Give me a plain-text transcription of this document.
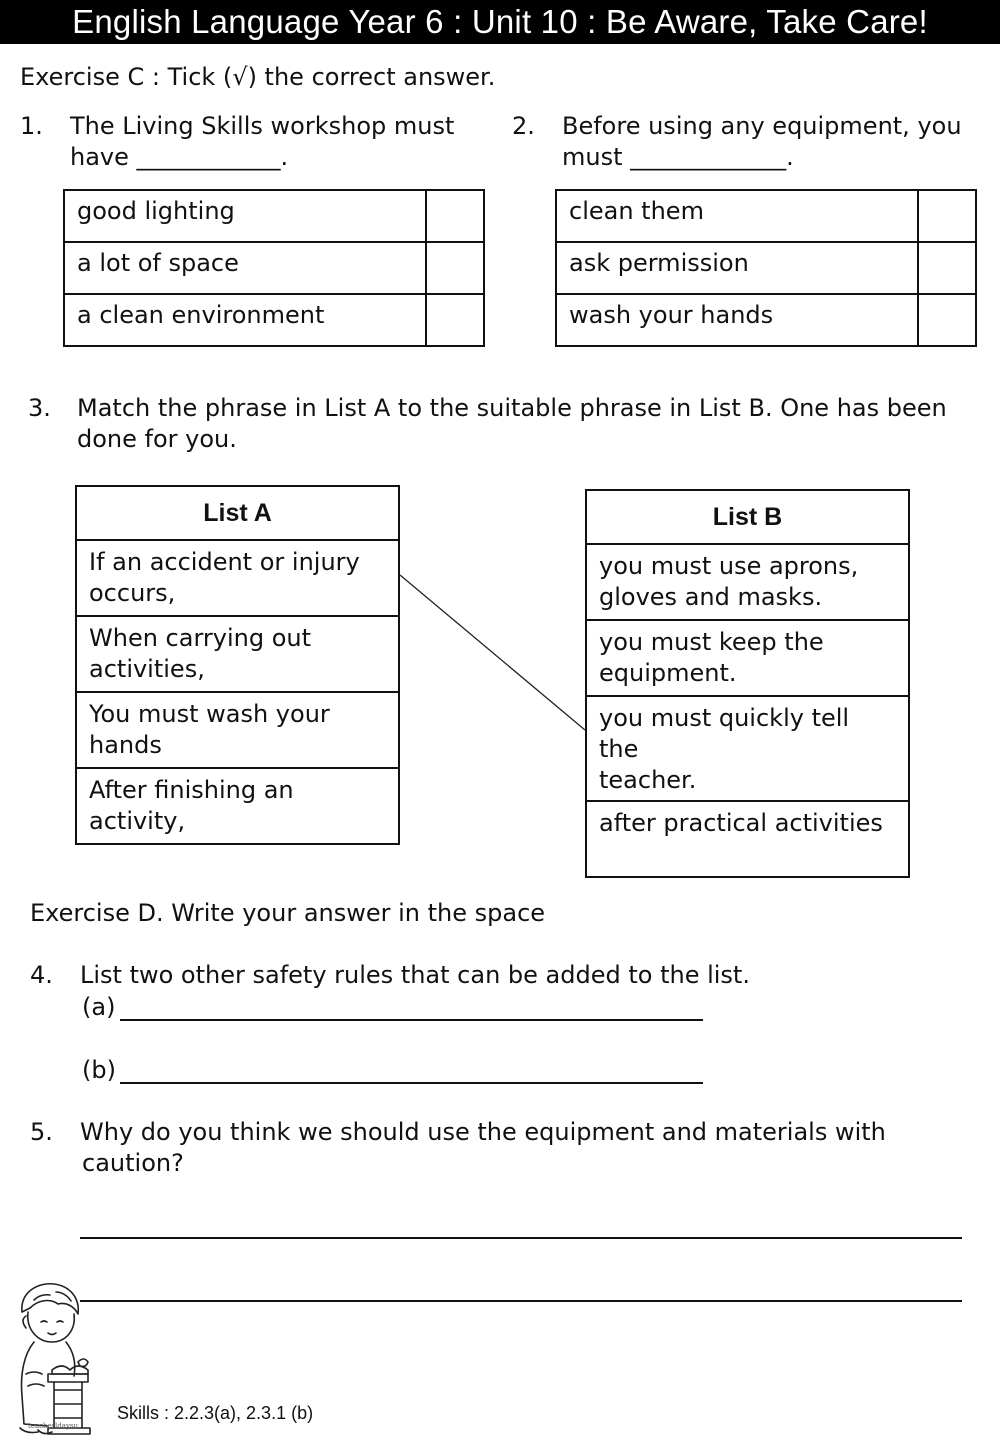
English Language Year 6 : Unit 10 : Be Aware, Take Care!
Exercise C : Tick (√) the correct answer.
1. The Living Skills workshop must
have ____________.
good lighting	
a lot of space	
a clean environment	
2. Before using any equipment, you
must _____________.
clean them	
ask permission	
wash your hands	
3. Match the phrase in List A to the suitable phrase in List B. One has been
done for you.
List A

If an accident or injury
occurs,

When carrying out
activities,

You must wash your
hands

After finishing an
activity,
List B

you must use aprons,
gloves and masks.

you must keep the
equipment.

you must quickly tell the
teacher.

after practical activities
Exercise D. Write your answer in the space
4. List two other safety rules that can be added to the list.
(a)
(b)
5. Why do you think we should use the equipment and materials with
caution?
teacherldaysu
Skills : 2.2.3(a), 2.3.1 (b)
